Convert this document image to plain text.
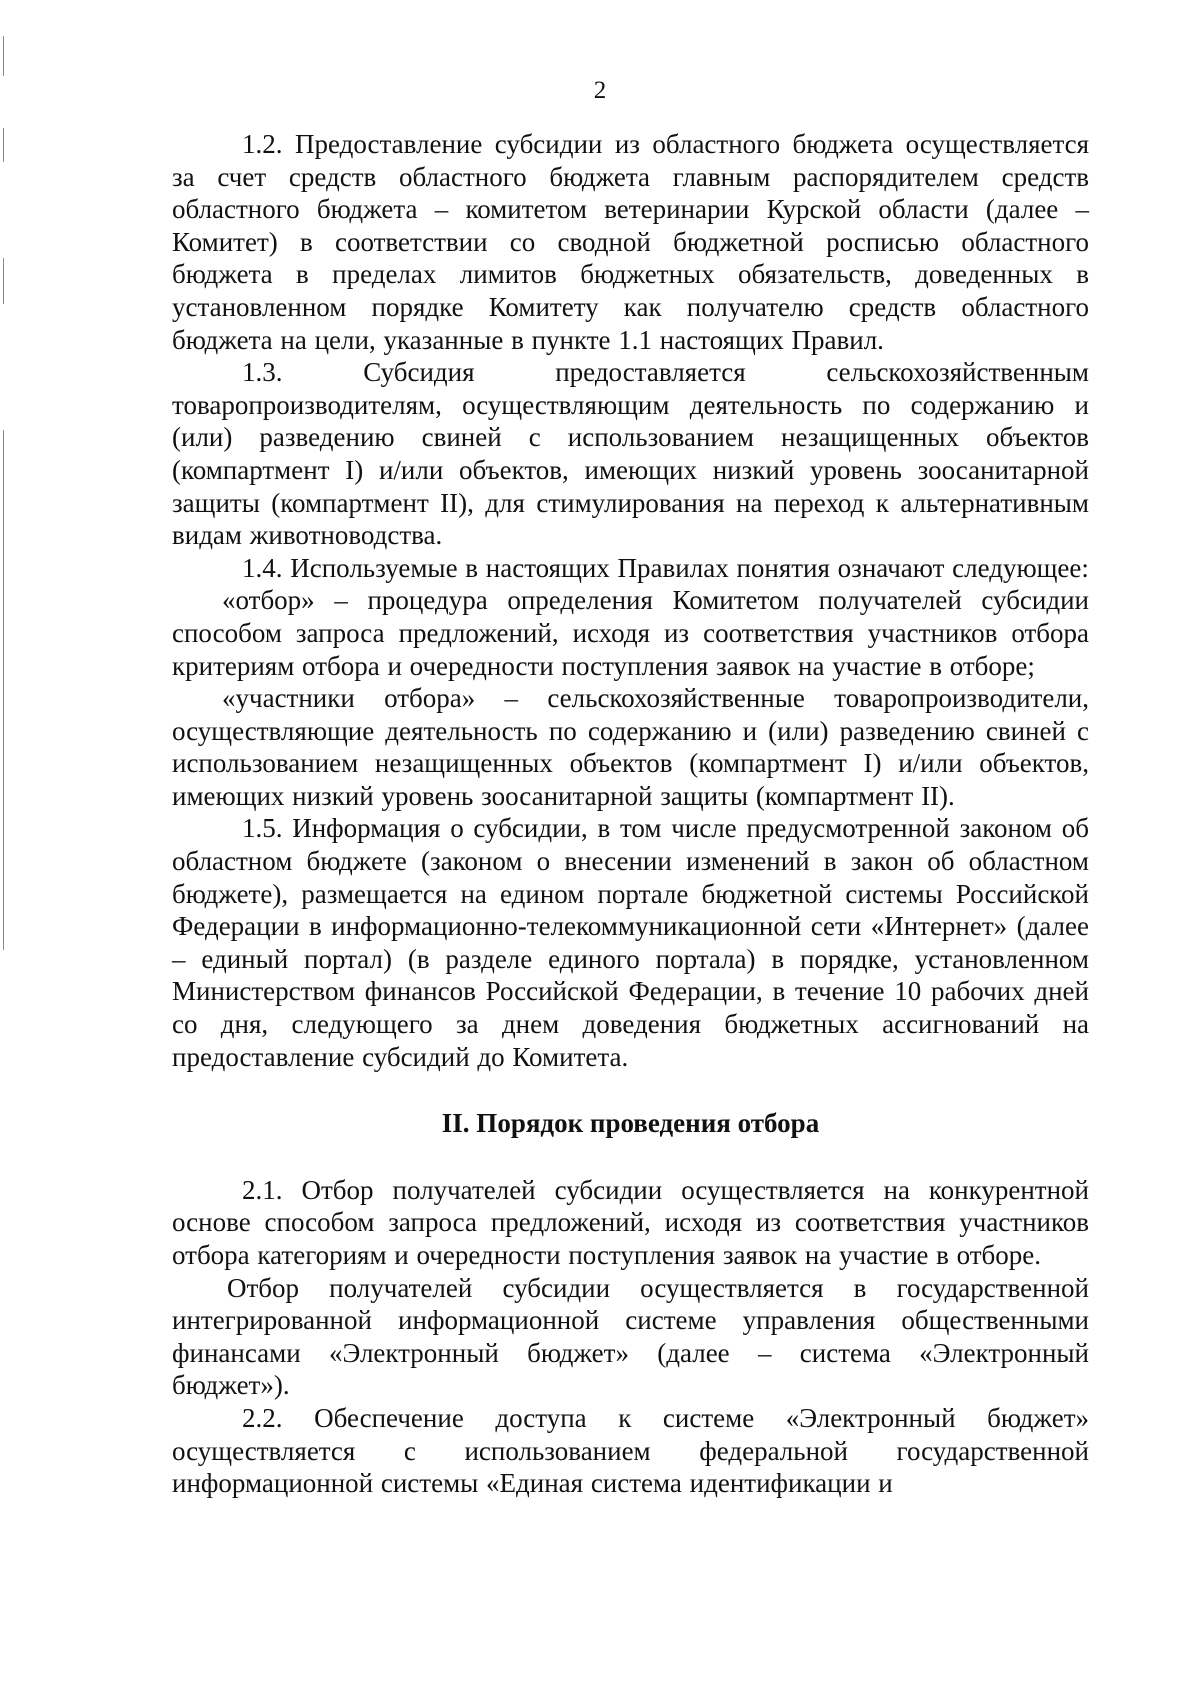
2

1.2. Предоставление субсидии из областного бюджета осуществляется за счет средств областного бюджета главным распорядителем средств областного бюджета – комитетом ветеринарии Курской области (далее – Комитет) в соответствии со сводной бюджетной росписью областного бюджета в пределах лимитов бюджетных обязательств, доведенных в установленном порядке Комитету как получателю средств областного бюджета на цели, указанные в пункте 1.1 настоящих Правил.

1.3. Субсидия предоставляется сельскохозяйственным товаропроизводителям, осуществляющим деятельность по содержанию и (или) разведению свиней с использованием незащищенных объектов (компартмент I) и/или объектов, имеющих низкий уровень зоосанитарной защиты (компартмент II), для стимулирования на переход к альтернативным видам животноводства.

1.4. Используемые в настоящих Правилах понятия означают следующее:

«отбор» – процедура определения Комитетом получателей субсидии способом запроса предложений, исходя из соответствия участников отбора критериям отбора и очередности поступления заявок на участие в отборе;

«участники отбора» – сельскохозяйственные товаропроизводители, осуществляющие деятельность по содержанию и (или) разведению свиней с использованием незащищенных объектов (компартмент I) и/или объектов, имеющих низкий уровень зоосанитарной защиты (компартмент II).

1.5. Информация о субсидии, в том числе предусмотренной законом об областном бюджете (законом о внесении изменений в закон об областном бюджете), размещается на едином портале бюджетной системы Российской Федерации в информационно-телекоммуникационной сети «Интернет» (далее – единый портал) (в разделе единого портала) в порядке, установленном Министерством финансов Российской Федерации, в течение 10 рабочих дней со дня, следующего за днем доведения бюджетных ассигнований на предоставление субсидий до Комитета.

II. Порядок проведения отбора

2.1. Отбор получателей субсидии осуществляется на конкурентной основе способом запроса предложений, исходя из соответствия участников отбора категориям и очередности поступления заявок на участие в отборе.

Отбор получателей субсидии осуществляется в государственной интегрированной информационной системе управления общественными финансами «Электронный бюджет» (далее – система «Электронный бюджет»).

2.2. Обеспечение доступа к системе «Электронный бюджет» осуществляется с использованием федеральной государственной информационной системы «Единая система идентификации и
